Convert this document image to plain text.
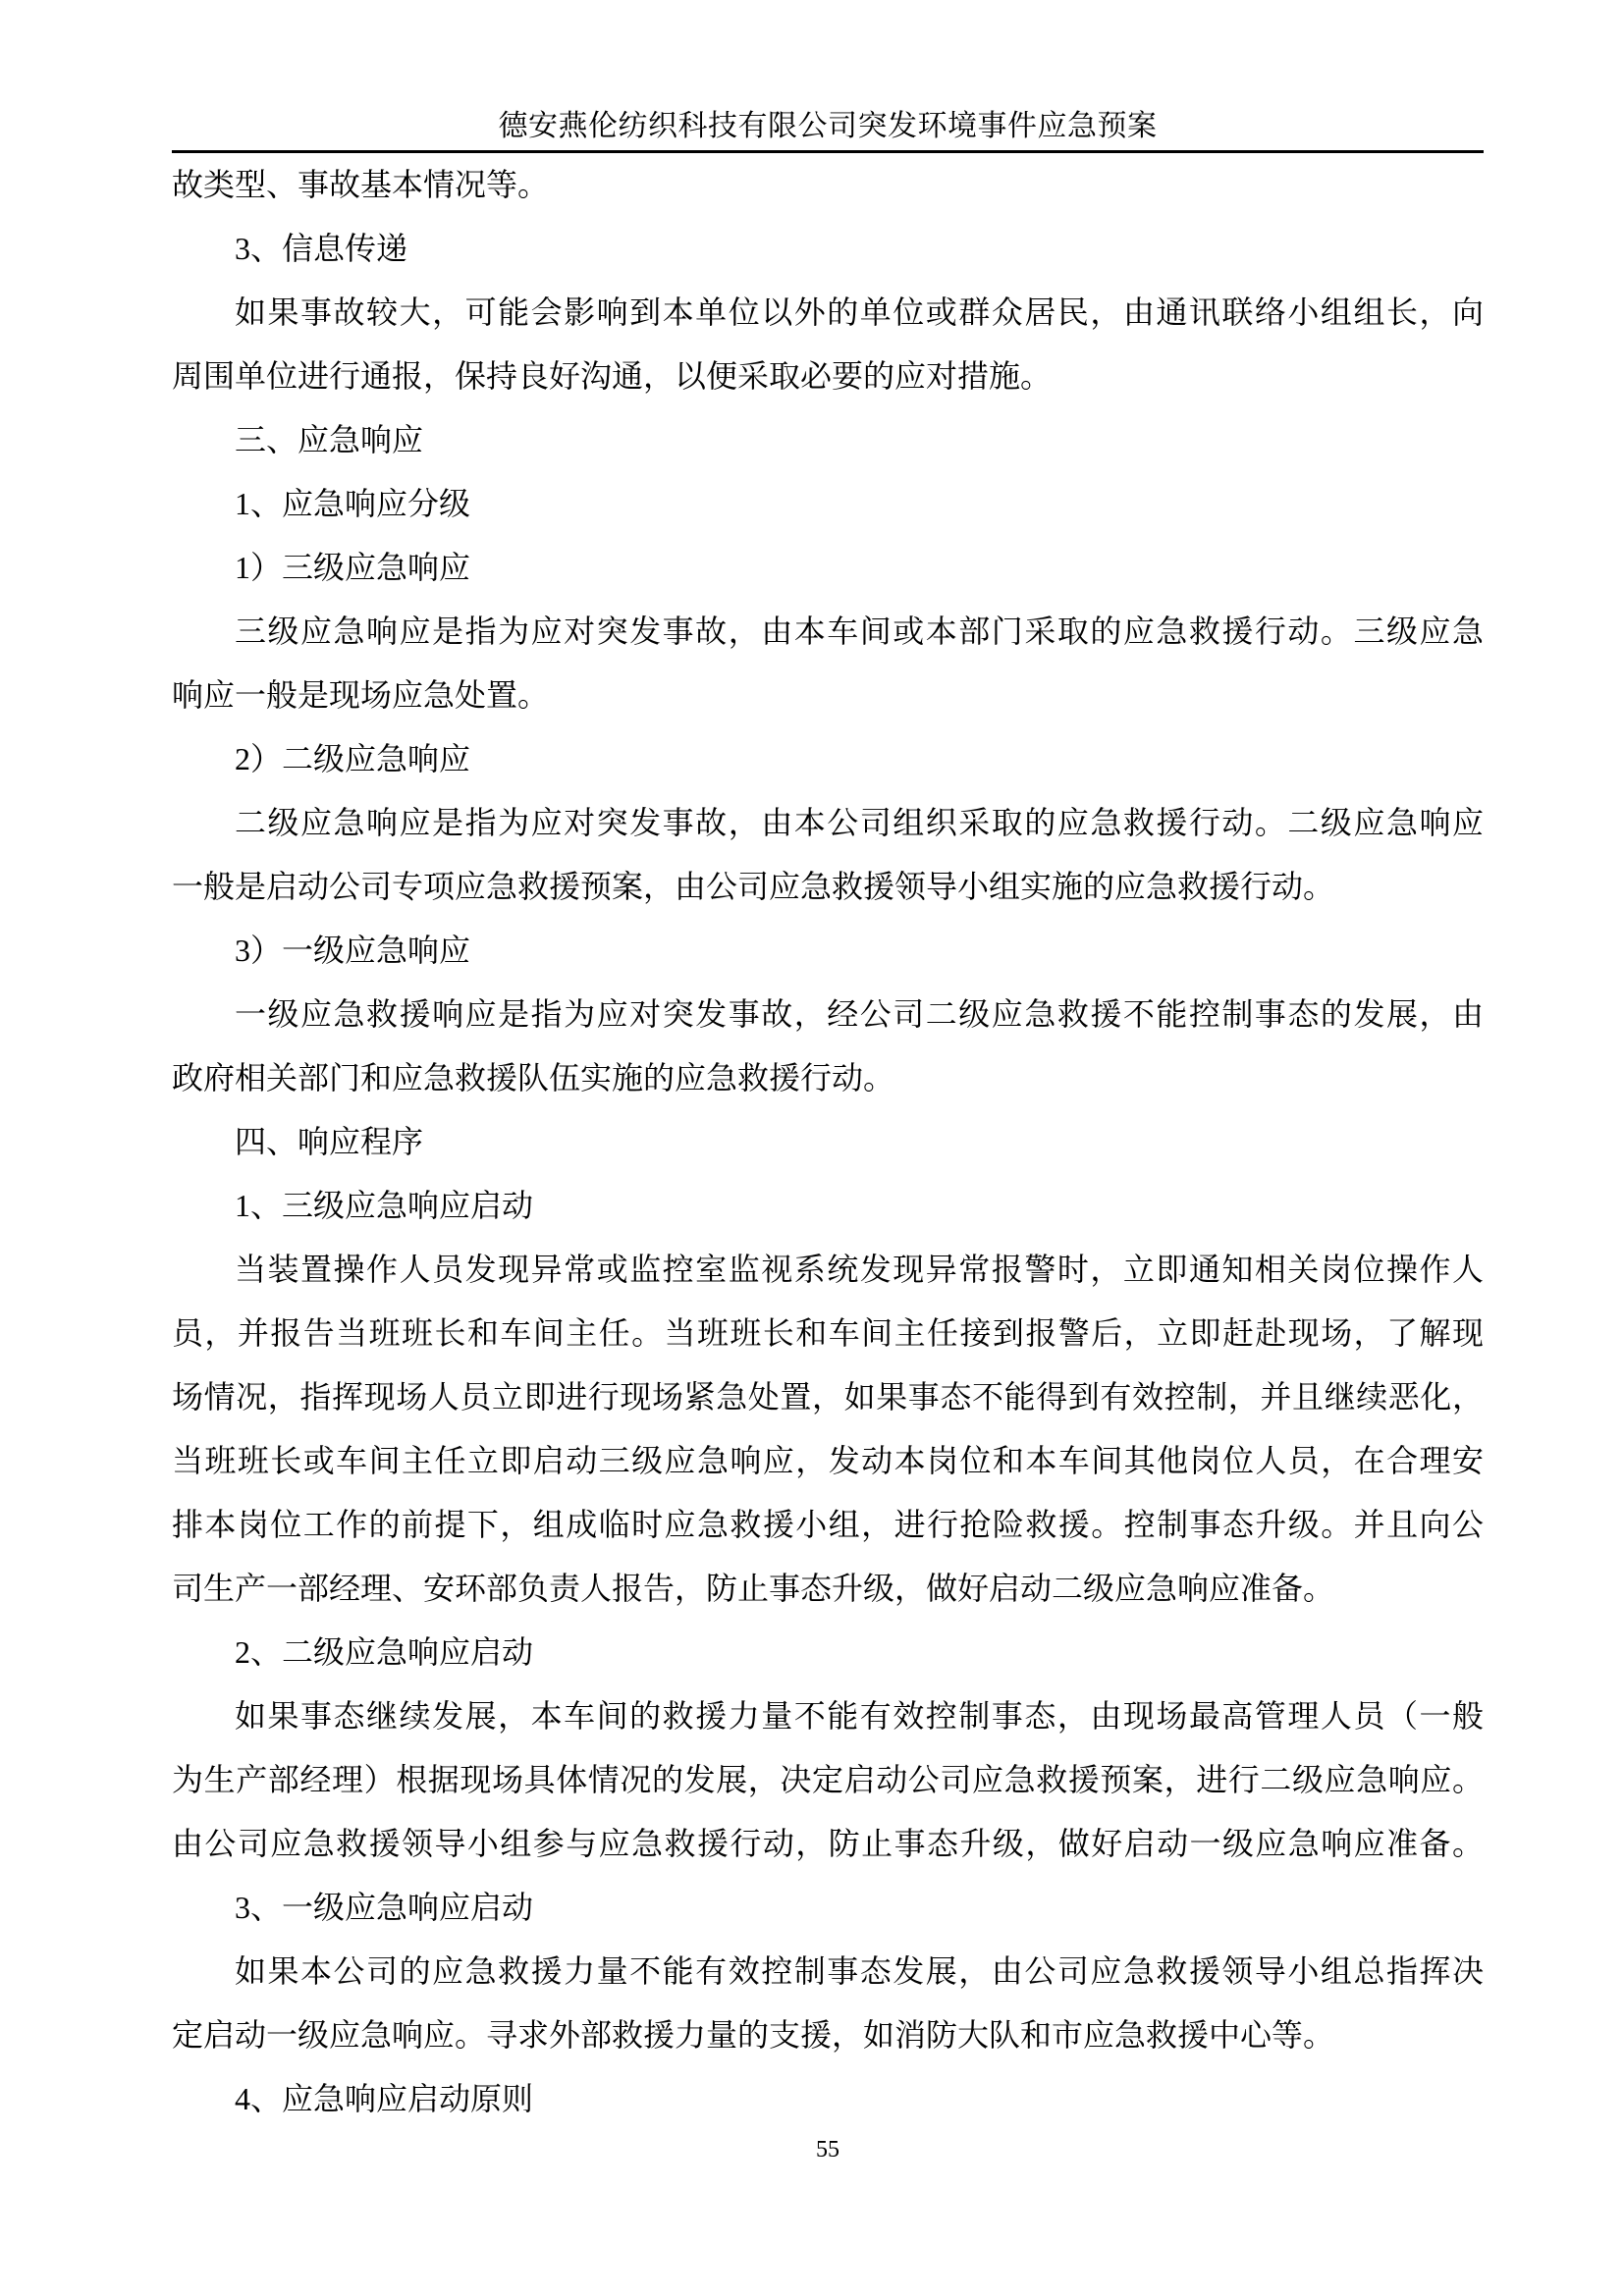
德安燕伦纺织科技有限公司突发环境事件应急预案
故类型、事故基本情况等。
3、信息传递
如果事故较大，可能会影响到本单位以外的单位或群众居民，由通讯联络小组组长，向
周围单位进行通报，保持良好沟通，以便采取必要的应对措施。
三、应急响应
1、应急响应分级
1）三级应急响应
三级应急响应是指为应对突发事故，由本车间或本部门采取的应急救援行动。三级应急
响应一般是现场应急处置。
2）二级应急响应
二级应急响应是指为应对突发事故，由本公司组织采取的应急救援行动。二级应急响应
一般是启动公司专项应急救援预案，由公司应急救援领导小组实施的应急救援行动。
3）一级应急响应
一级应急救援响应是指为应对突发事故，经公司二级应急救援不能控制事态的发展，由
政府相关部门和应急救援队伍实施的应急救援行动。
四、响应程序
1、三级应急响应启动
当装置操作人员发现异常或监控室监视系统发现异常报警时，立即通知相关岗位操作人
员，并报告当班班长和车间主任。当班班长和车间主任接到报警后，立即赶赴现场，了解现
场情况，指挥现场人员立即进行现场紧急处置，如果事态不能得到有效控制，并且继续恶化，
当班班长或车间主任立即启动三级应急响应，发动本岗位和本车间其他岗位人员，在合理安
排本岗位工作的前提下，组成临时应急救援小组，进行抢险救援。控制事态升级。并且向公
司生产一部经理、安环部负责人报告，防止事态升级，做好启动二级应急响应准备。
2、二级应急响应启动
如果事态继续发展，本车间的救援力量不能有效控制事态，由现场最高管理人员（一般
为生产部经理）根据现场具体情况的发展，决定启动公司应急救援预案，进行二级应急响应。
由公司应急救援领导小组参与应急救援行动，防止事态升级，做好启动一级应急响应准备。
3、一级应急响应启动
如果本公司的应急救援力量不能有效控制事态发展，由公司应急救援领导小组总指挥决
定启动一级应急响应。寻求外部救援力量的支援，如消防大队和市应急救援中心等。
4、应急响应启动原则
55
